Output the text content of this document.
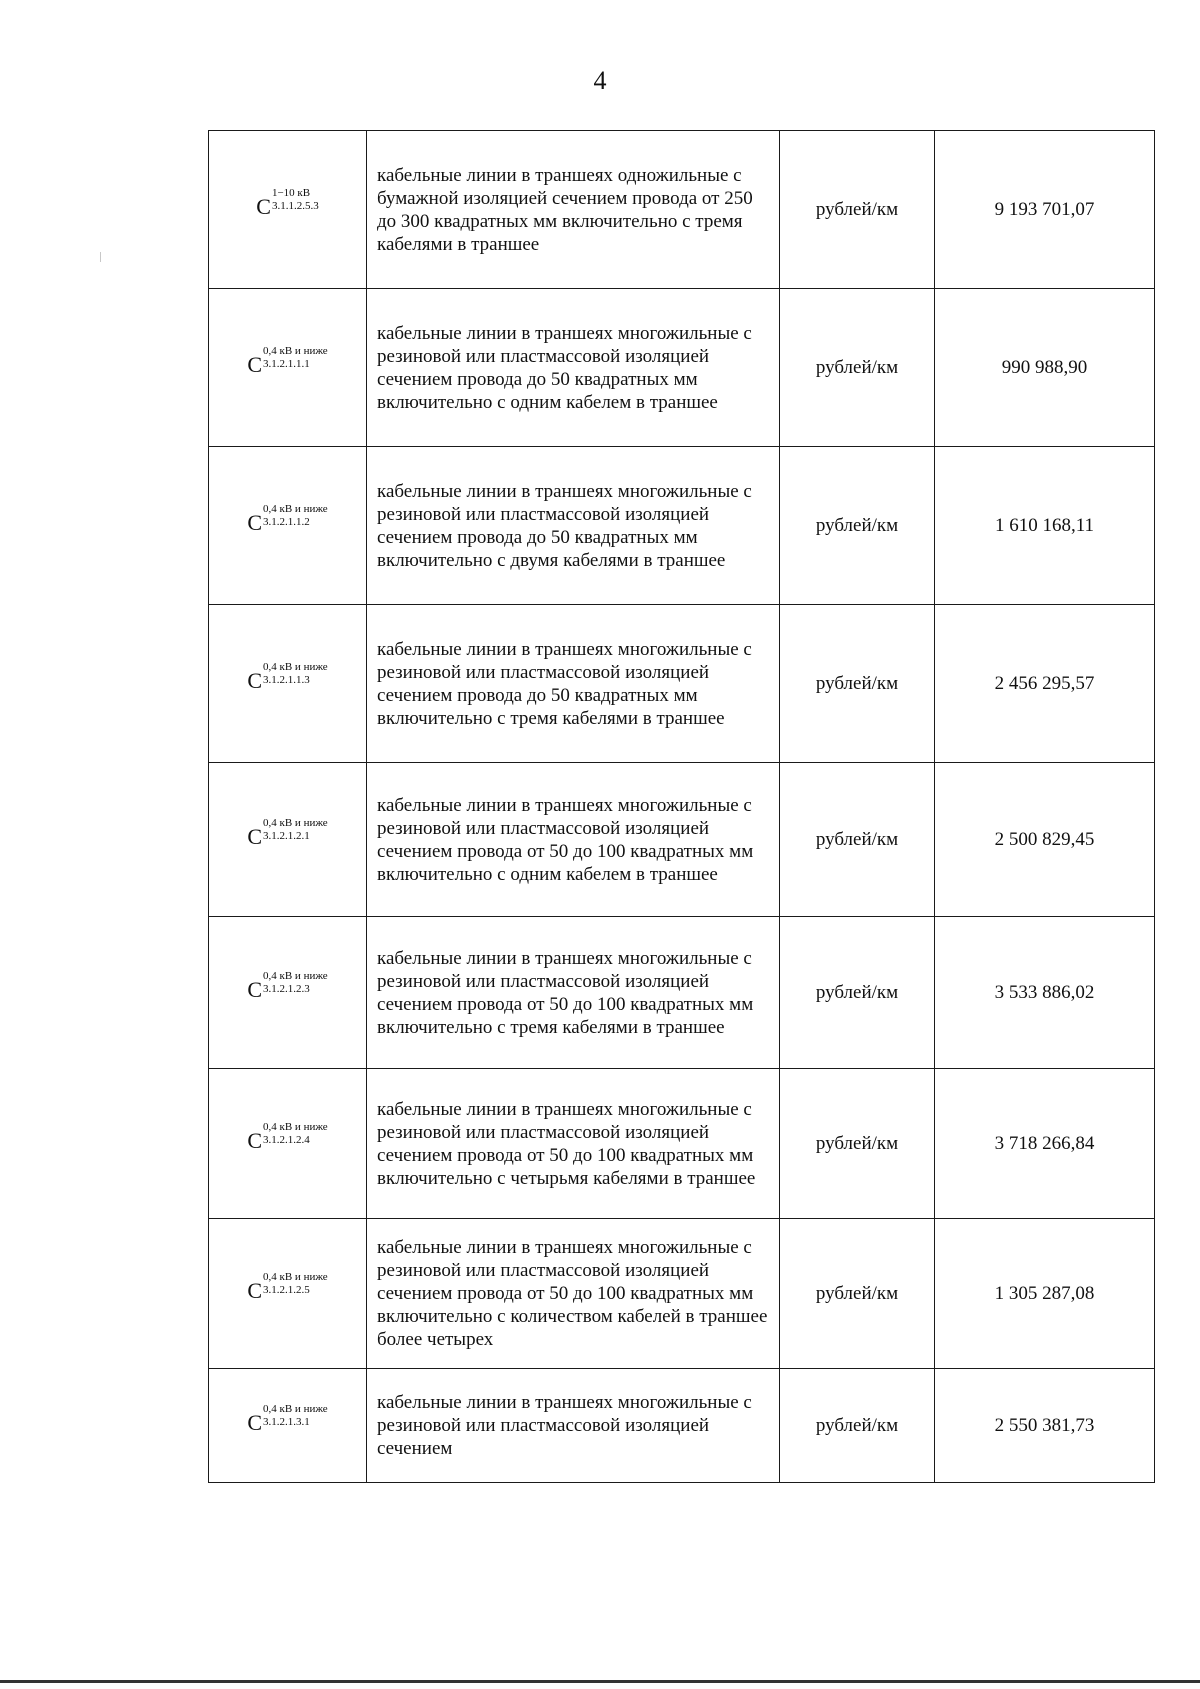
4
C
1−10 кВ
3.1.1.2.5.3	кабельные линии в траншеях одножильные с бумажной изоляцией сечением провода от 250 до 300 квадратных мм включительно с тремя кабелями в траншее	рублей/км	9 193 701,07

C
0,4 кВ и ниже
3.1.2.1.1.1	кабельные линии в траншеях многожильные с резиновой или пластмассовой изоляцией сечением провода до 50 квадратных мм включительно с одним кабелем в траншее	рублей/км	990 988,90

C
0,4 кВ и ниже
3.1.2.1.1.2	кабельные линии в траншеях многожильные с резиновой или пластмассовой изоляцией сечением провода до 50 квадратных мм включительно с двумя кабелями в траншее	рублей/км	1 610 168,11

C
0,4 кВ и ниже
3.1.2.1.1.3	кабельные линии в траншеях многожильные с резиновой или пластмассовой изоляцией сечением провода до 50 квадратных мм включительно с тремя кабелями в траншее	рублей/км	2 456 295,57

C
0,4 кВ и ниже
3.1.2.1.2.1	кабельные линии в траншеях многожильные с резиновой или пластмассовой изоляцией сечением провода от 50 до 100 квадратных мм включительно с одним кабелем в траншее	рублей/км	2 500 829,45

C
0,4 кВ и ниже
3.1.2.1.2.3	кабельные линии в траншеях многожильные с резиновой или пластмассовой изоляцией сечением провода от 50 до 100 квадратных мм включительно с тремя кабелями в траншее	рублей/км	3 533 886,02

C
0,4 кВ и ниже
3.1.2.1.2.4	кабельные линии в траншеях многожильные с резиновой или пластмассовой изоляцией сечением провода от 50 до 100 квадратных мм включительно с четырьмя кабелями в траншее	рублей/км	3 718 266,84

C
0,4 кВ и ниже
3.1.2.1.2.5	кабельные линии в траншеях многожильные с резиновой или пластмассовой изоляцией сечением провода от 50 до 100 квадратных мм включительно с количеством кабелей в траншее более четырех	рублей/км	1 305 287,08

C
0,4 кВ и ниже
3.1.2.1.3.1	кабельные линии в траншеях многожильные с резиновой или пластмассовой изоляцией сечением	рублей/км	2 550 381,73
